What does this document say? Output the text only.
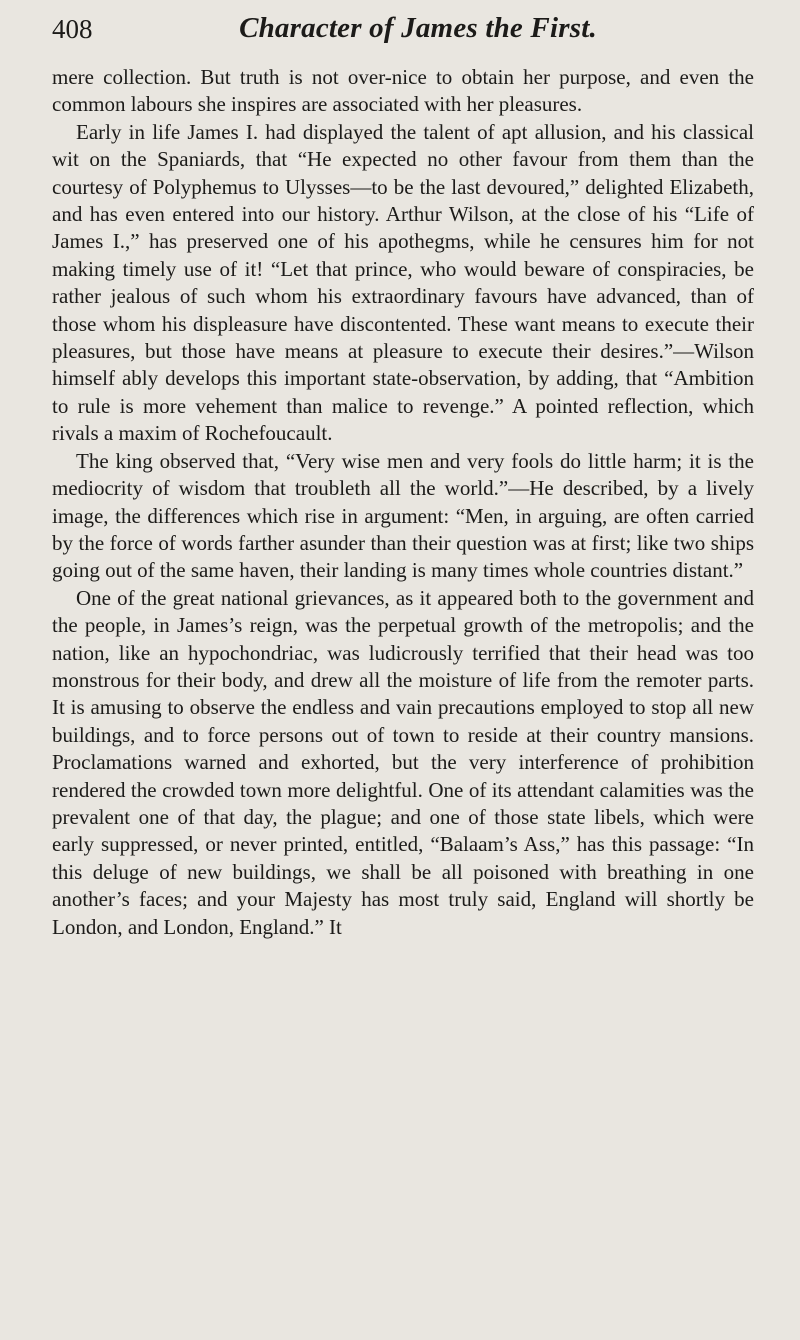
408	Character of James the First.

mere collection. But truth is not over-nice to obtain her purpose, and even the common labours she inspires are associated with her pleasures.

Early in life James I. had displayed the talent of apt allusion, and his classical wit on the Spaniards, that “He expected no other favour from them than the courtesy of Polyphemus to Ulysses—to be the last devoured,” delighted Elizabeth, and has even entered into our history. Arthur Wilson, at the close of his “Life of James I.,” has preserved one of his apothegms, while he censures him for not making timely use of it! “Let that prince, who would beware of conspiracies, be rather jealous of such whom his extraordinary favours have advanced, than of those whom his displeasure have discontented. These want means to execute their pleasures, but those have means at pleasure to execute their desires.”—Wilson himself ably develops this important state-observation, by adding, that “Ambition to rule is more vehement than malice to revenge.” A pointed reflection, which rivals a maxim of Rochefoucault.

The king observed that, “Very wise men and very fools do little harm; it is the mediocrity of wisdom that troubleth all the world.”—He described, by a lively image, the differences which rise in argument: “Men, in arguing, are often carried by the force of words farther asunder than their question was at first; like two ships going out of the same haven, their landing is many times whole countries distant.”

One of the great national grievances, as it appeared both to the government and the people, in James’s reign, was the perpetual growth of the metropolis; and the nation, like an hypochondriac, was ludicrously terrified that their head was too monstrous for their body, and drew all the moisture of life from the remoter parts. It is amusing to observe the endless and vain precautions employed to stop all new buildings, and to force persons out of town to reside at their country mansions. Proclamations warned and exhorted, but the very interference of prohibition rendered the crowded town more delightful. One of its attendant calamities was the prevalent one of that day, the plague; and one of those state libels, which were early suppressed, or never printed, entitled, “Balaam’s Ass,” has this passage: “In this deluge of new buildings, we shall be all poisoned with breathing in one another’s faces; and your Majesty has most truly said, England will shortly be London, and London, England.” It
